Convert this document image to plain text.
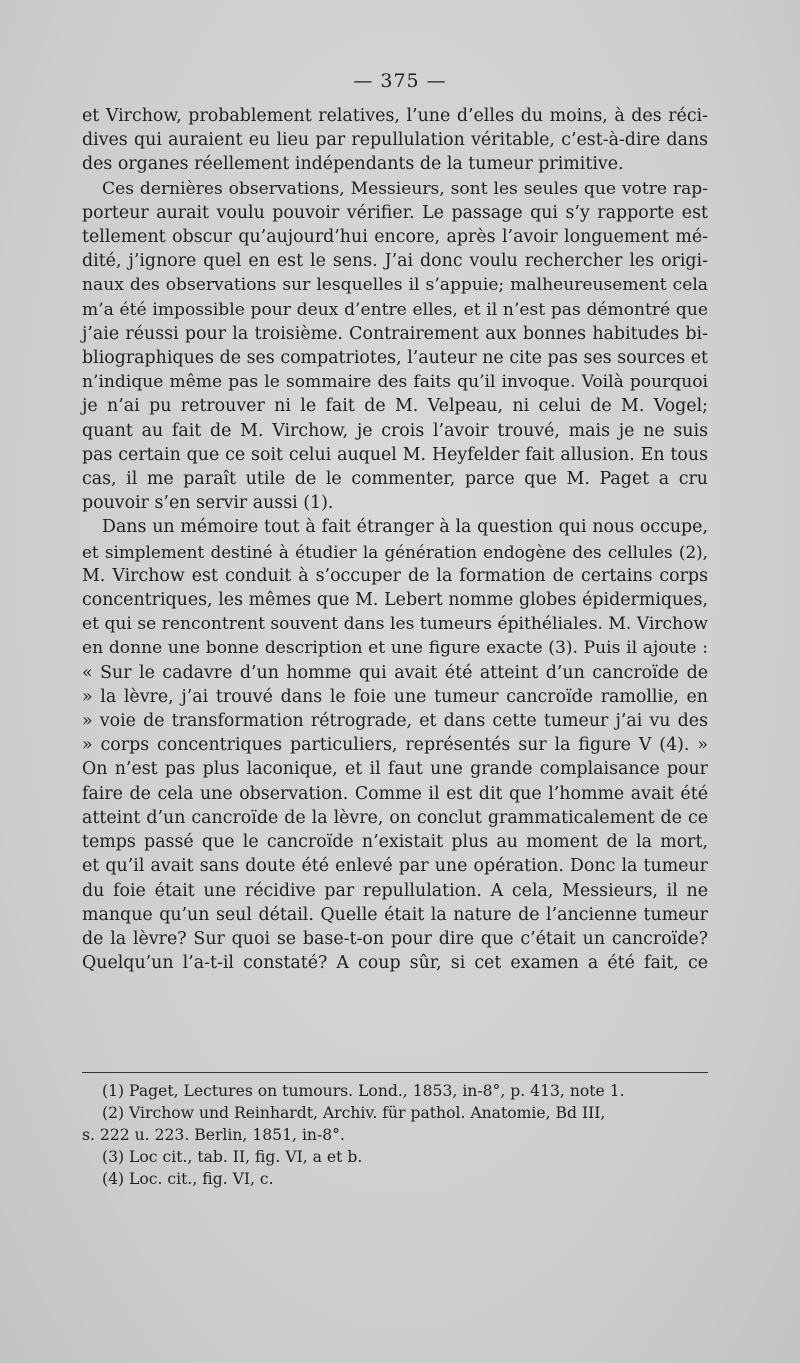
— 375 —

et Virchow, probablement relatives, l’une d’elles du moins, à des réci-
dives qui auraient eu lieu par repullulation véritable, c’est-à-dire dans
des organes réellement indépendants de la tumeur primitive.

Ces dernières observations, Messieurs, sont les seules que votre rap-
porteur aurait voulu pouvoir vérifier. Le passage qui s’y rapporte est
tellement obscur qu’aujourd’hui encore, après l’avoir longuement mé-
dité, j’ignore quel en est le sens. J’ai donc voulu rechercher les origi-
naux des observations sur lesquelles il s’appuie; malheureusement cela
m’a été impossible pour deux d’entre elles, et il n’est pas démontré que
j’aie réussi pour la troisième. Contrairement aux bonnes habitudes bi-
bliographiques de ses compatriotes, l’auteur ne cite pas ses sources et
n’indique même pas le sommaire des faits qu’il invoque. Voilà pourquoi
je n’ai pu retrouver ni le fait de M. Velpeau, ni celui de M. Vogel;
quant au fait de M. Virchow, je crois l’avoir trouvé, mais je ne suis
pas certain que ce soit celui auquel M. Heyfelder fait allusion. En tous
cas, il me paraît utile de le commenter, parce que M. Paget a cru
pouvoir s’en servir aussi (1).

Dans un mémoire tout à fait étranger à la question qui nous occupe,
et simplement destiné à étudier la génération endogène des cellules (2),
M. Virchow est conduit à s’occuper de la formation de certains corps
concentriques, les mêmes que M. Lebert nomme globes épidermiques,
et qui se rencontrent souvent dans les tumeurs épithéliales. M. Virchow
en donne une bonne description et une figure exacte (3). Puis il ajoute :
« Sur le cadavre d’un homme qui avait été atteint d’un cancroïde de
» la lèvre, j’ai trouvé dans le foie une tumeur cancroïde ramollie, en
» voie de transformation rétrograde, et dans cette tumeur j’ai vu des
» corps concentriques particuliers, représentés sur la figure V (4). »
On n’est pas plus laconique, et il faut une grande complaisance pour
faire de cela une observation. Comme il est dit que l’homme avait été
atteint d’un cancroïde de la lèvre, on conclut grammaticalement de ce
temps passé que le cancroïde n’existait plus au moment de la mort,
et qu’il avait sans doute été enlevé par une opération. Donc la tumeur
du foie était une récidive par repullulation. A cela, Messieurs, il ne
manque qu’un seul détail. Quelle était la nature de l’ancienne tumeur
de la lèvre? Sur quoi se base-t-on pour dire que c’était un cancroïde?
Quelqu’un l’a-t-il constaté? A coup sûr, si cet examen a été fait, ce

(1) Paget, Lectures on tumours. Lond., 1853, in-8°, p. 413, note 1.
(2) Virchow und Reinhardt, Archiv. für pathol. Anatomie, Bd III,
s. 222 u. 223. Berlin, 1851, in-8°.
(3) Loc cit., tab. II, fig. VI, a et b.
(4) Loc. cit., fig. VI, c.
